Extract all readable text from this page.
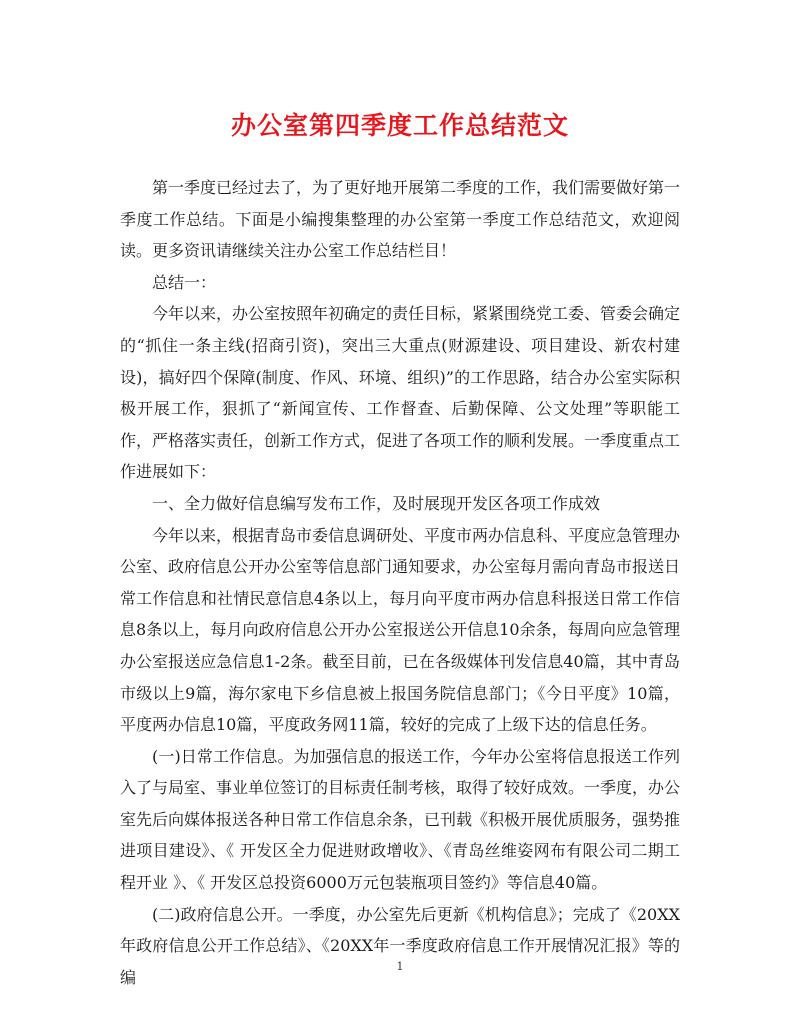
办公室第四季度工作总结范文

第一季度已经过去了，为了更好地开展第二季度的工作，我们需要做好第一季度工作总结。下面是小编搜集整理的办公室第一季度工作总结范文，欢迎阅读。更多资讯请继续关注办公室工作总结栏目！

总结一：

今年以来，办公室按照年初确定的责任目标，紧紧围绕党工委、管委会确定的“抓住一条主线(招商引资)，突出三大重点(财源建设、项目建设、新农村建设)，搞好四个保障(制度、作风、环境、组织)”的工作思路，结合办公室实际积极开展工作，狠抓了“新闻宣传、工作督查、后勤保障、公文处理”等职能工作，严格落实责任，创新工作方式，促进了各项工作的顺利发展。一季度重点工作进展如下：

一、全力做好信息编写发布工作，及时展现开发区各项工作成效

今年以来，根据青岛市委信息调研处、平度市两办信息科、平度应急管理办公室、政府信息公开办公室等信息部门通知要求，办公室每月需向青岛市报送日常工作信息和社情民意信息4条以上，每月向平度市两办信息科报送日常工作信息8条以上，每月向政府信息公开办公室报送公开信息10余条，每周向应急管理办公室报送应急信息1-2条。截至目前，已在各级媒体刊发信息40篇，其中青岛市级以上9篇，海尔家电下乡信息被上报国务院信息部门；《今日平度》10篇，平度两办信息10篇，平度政务网11篇，较好的完成了上级下达的信息任务。

(一)日常工作信息。为加强信息的报送工作，今年办公室将信息报送工作列入了与局室、事业单位签订的目标责任制考核，取得了较好成效。一季度，办公室先后向媒体报送各种日常工作信息余条，已刊载《积极开展优质服务，强势推进项目建设》、《 开发区全力促进财政增收》、《青岛丝维姿网布有限公司二期工程开业 》、《 开发区总投资6000万元包装瓶项目签约》等信息40篇。

(二)政府信息公开。一季度，办公室先后更新《机构信息》；完成了《20XX年政府信息公开工作总结》、《20XX年一季度政府信息工作开展情况汇报》等的编

1
